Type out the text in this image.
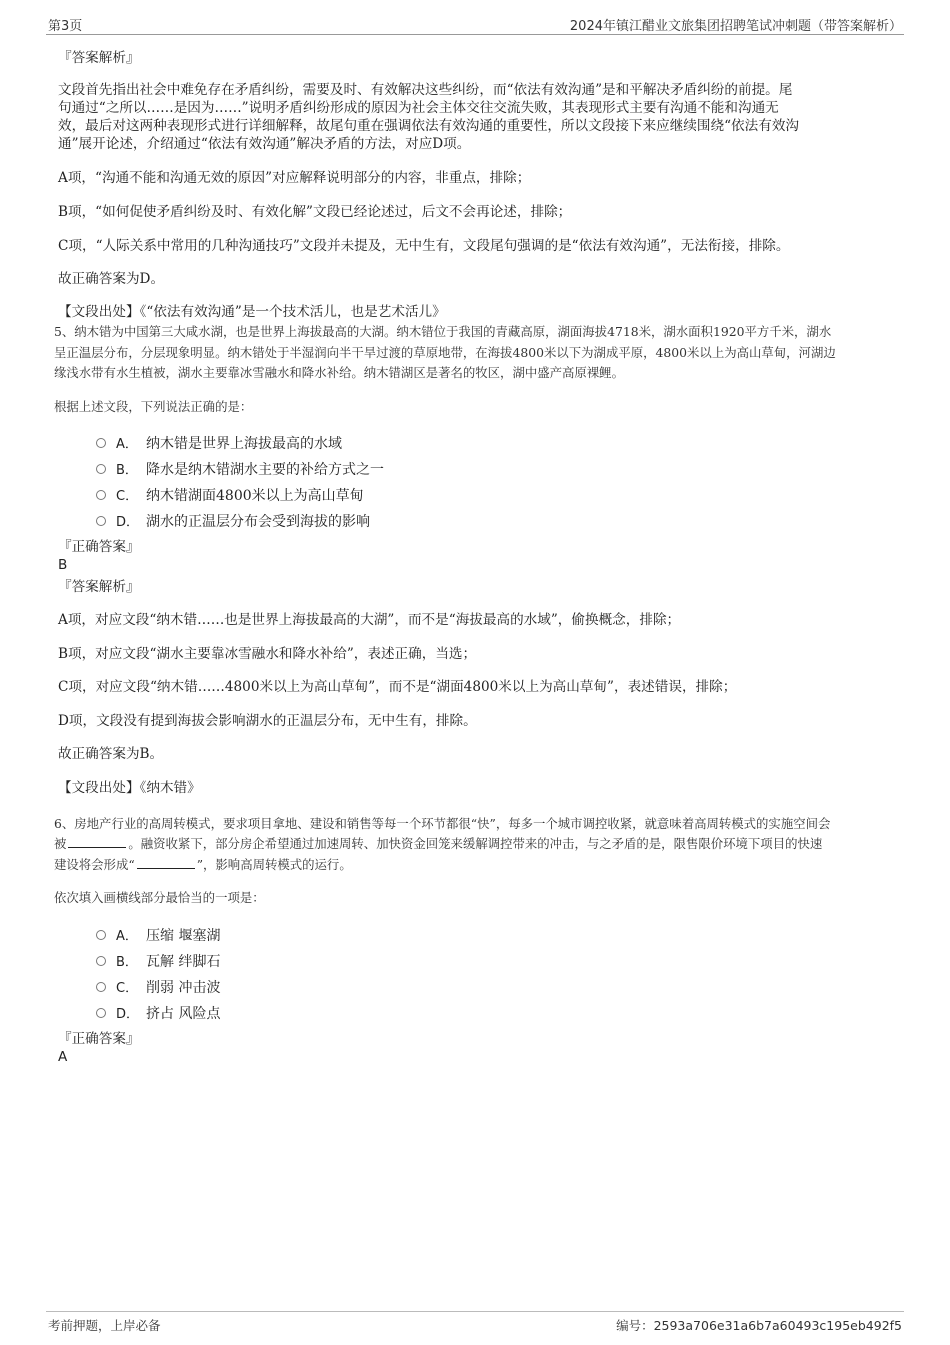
第3页	2024年镇江醋业文旅集团招聘笔试冲刺题（带答案解析）
『答案解析』
文段首先指出社会中难免存在矛盾纠纷，需要及时、有效解决这些纠纷，而“依法有效沟通”是和平解决矛盾纠纷的前提。尾
句通过“之所以……是因为……”说明矛盾纠纷形成的原因为社会主体交往交流失败，其表现形式主要有沟通不能和沟通无
效，最后对这两种表现形式进行详细解释，故尾句重在强调依法有效沟通的重要性，所以文段接下来应继续围绕“依法有效沟
通”展开论述，介绍通过“依法有效沟通”解决矛盾的方法，对应D项。
A项，“沟通不能和沟通无效的原因”对应解释说明部分的内容，非重点，排除；
B项，“如何促使矛盾纠纷及时、有效化解”文段已经论述过，后文不会再论述，排除；
C项，“人际关系中常用的几种沟通技巧”文段并未提及，无中生有，文段尾句强调的是“依法有效沟通”，无法衔接，排除。
故正确答案为D。
【文段出处】《“依法有效沟通”是一个技术活儿，也是艺术活儿》
5、纳木错为中国第三大咸水湖，也是世界上海拔最高的大湖。纳木错位于我国的青藏高原，湖面海拔4718米，湖水面积1920平方千米，湖水
呈正温层分布，分层现象明显。纳木错处于半湿润向半干旱过渡的草原地带，在海拔4800米以下为湖成平原，4800米以上为高山草甸，河湖边
缘浅水带有水生植被，湖水主要靠冰雪融水和降水补给。纳木错湖区是著名的牧区，湖中盛产高原裸鲤。
根据上述文段，下列说法正确的是：
A． 纳木错是世界上海拔最高的水域
B． 降水是纳木错湖水主要的补给方式之一
C． 纳木错湖面4800米以上为高山草甸
D． 湖水的正温层分布会受到海拔的影响
『正确答案』
B
『答案解析』
A项，对应文段“纳木错……也是世界上海拔最高的大湖”，而不是“海拔最高的水域”，偷换概念，排除；
B项，对应文段“湖水主要靠冰雪融水和降水补给”，表述正确，当选；
C项，对应文段“纳木错……4800米以上为高山草甸”，而不是“湖面4800米以上为高山草甸”，表述错误，排除；
D项，文段没有提到海拔会影响湖水的正温层分布，无中生有，排除。
故正确答案为B。
【文段出处】《纳木错》
6、房地产行业的高周转模式，要求项目拿地、建设和销售等每一个环节都很“快”，每多一个城市调控收紧，就意味着高周转模式的实施空间会
被	。融资收紧下，部分房企希望通过加速周转、加快资金回笼来缓解调控带来的冲击，与之矛盾的是，限售限价环境下项目的快速
建设将会形成“	”，影响高周转模式的运行。
依次填入画横线部分最恰当的一项是：
A． 压缩 堰塞湖
B． 瓦解 绊脚石
C． 削弱 冲击波
D． 挤占 风险点
『正确答案』
A
考前押题，上岸必备	编号：2593a706e31a6b7a60493c195eb492f5
